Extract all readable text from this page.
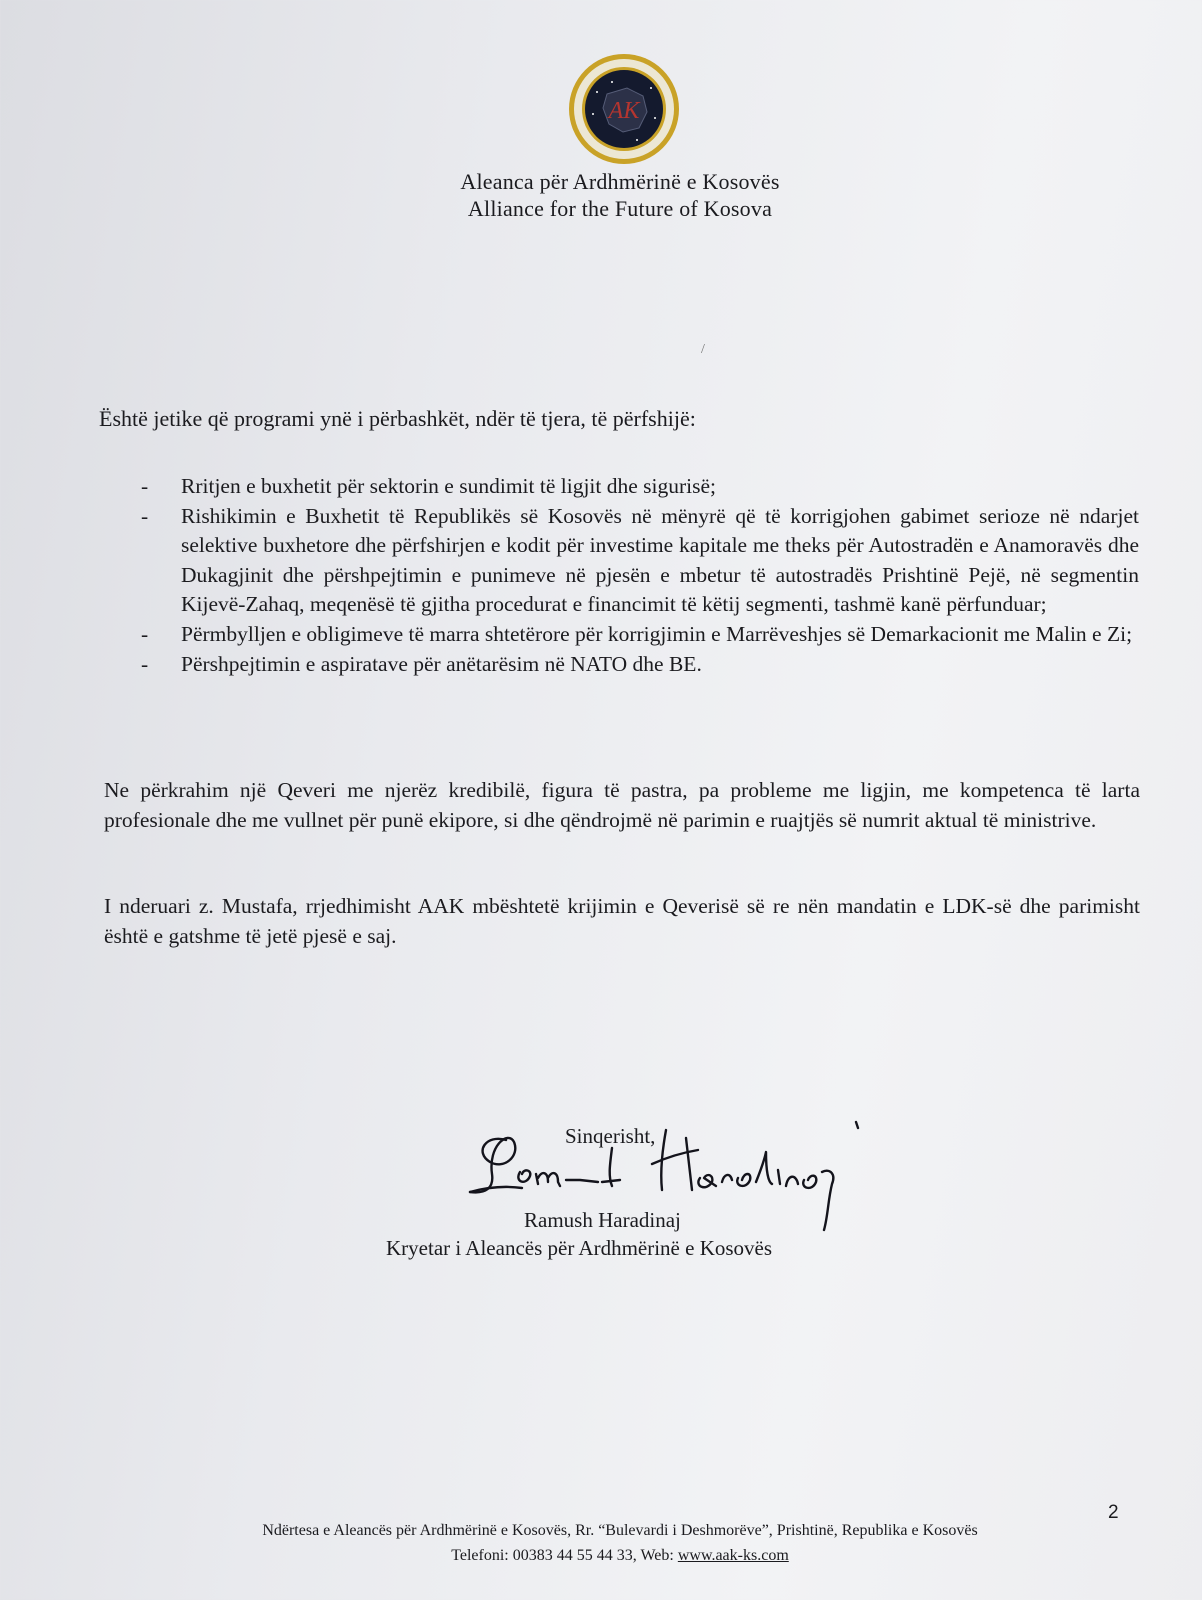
AK
Aleanca për Ardhmërinë e Kosovës
Alliance for the Future of Kosova
/
Është jetike që programi ynë i përbashkët, ndër të tjera, të përfshijë:
- Rritjen e buxhetit për sektorin e sundimit të ligjit dhe sigurisë;
- Rishikimin e Buxhetit të Republikës së Kosovës në mënyrë që të korrigjohen gabimet serioze në ndarjet selektive buxhetore dhe përfshirjen e kodit për investime kapitale me theks për Autostradën e Anamoravës dhe Dukagjinit dhe përshpejtimin e punimeve në pjesën e mbetur të autostradës Prishtinë Pejë, në segmentin Kijevë-Zahaq, meqenësë të gjitha procedurat e financimit të këtij segmenti, tashmë kanë përfunduar;
- Përmbylljen e obligimeve të marra shtetërore për korrigjimin e Marrëveshjes së Demarkacionit me Malin e Zi;
- Përshpejtimin e aspiratave për anëtarësim në NATO dhe BE.
Ne përkrahim një Qeveri me njerëz kredibilë, figura të pastra, pa probleme me ligjin, me kompetenca të larta profesionale dhe me vullnet për punë ekipore, si dhe qëndrojmë në parimin e ruajtjës së numrit aktual të ministrive.
I nderuari z. Mustafa, rrjedhimisht AAK mbështetë krijimin e Qeverisë së re nën mandatin e LDK-së dhe parimisht është e gatshme të jetë pjesë e saj.
Sinqerisht,
Ramush Haradinaj
Kryetar i Aleancës për Ardhmërinë e Kosovës
2
Ndërtesa e Aleancës për Ardhmërinë e Kosovës, Rr. “Bulevardi i Deshmorëve”, Prishtinë, Republika e Kosovës
Telefoni: 00383 44 55 44 33, Web: www.aak-ks.com
